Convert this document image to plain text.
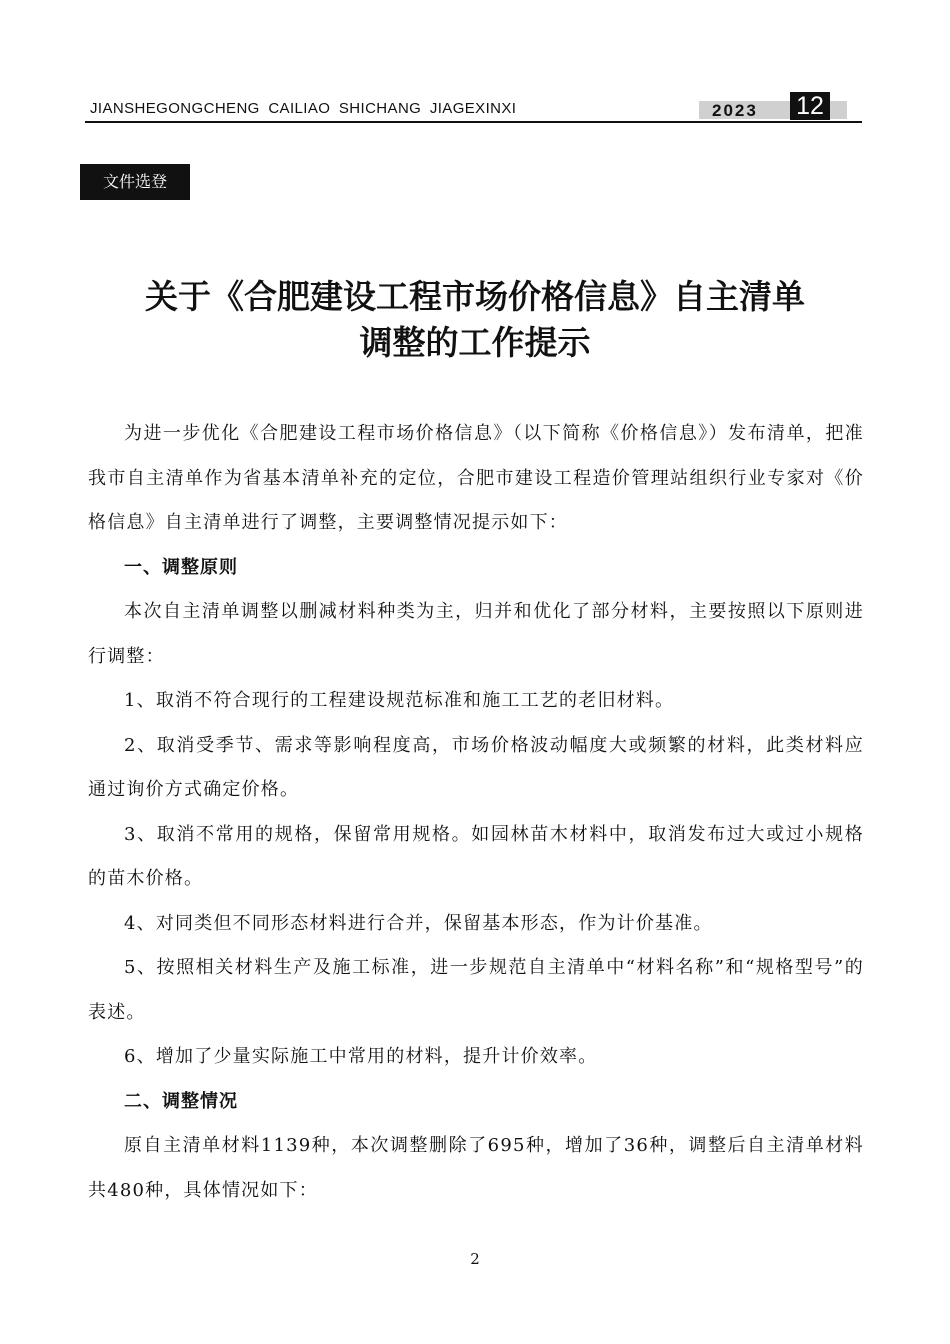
JIANSHEGONGCHENG CAILIAO SHICHANG JIAGEXINXI	2023 12
文件选登
关于《合肥建设工程市场价格信息》自主清单
调整的工作提示

为进一步优化《合肥建设工程市场价格信息》（以下简称《价格信息》）发布清单，把准我市自主清单作为省基本清单补充的定位，合肥市建设工程造价管理站组织行业专家对《价格信息》自主清单进行了调整，主要调整情况提示如下：

一、调整原则

本次自主清单调整以删减材料种类为主，归并和优化了部分材料，主要按照以下原则进行调整：

1、取消不符合现行的工程建设规范标准和施工工艺的老旧材料。

2、取消受季节、需求等影响程度高，市场价格波动幅度大或频繁的材料，此类材料应通过询价方式确定价格。

3、取消不常用的规格，保留常用规格。如园林苗木材料中，取消发布过大或过小规格的苗木价格。

4、对同类但不同形态材料进行合并，保留基本形态，作为计价基准。

5、按照相关材料生产及施工标准，进一步规范自主清单中“材料名称”和“规格型号”的表述。

6、增加了少量实际施工中常用的材料，提升计价效率。

二、调整情况

原自主清单材料1139种，本次调整删除了695种，增加了36种，调整后自主清单材料共480种，具体情况如下：

2
